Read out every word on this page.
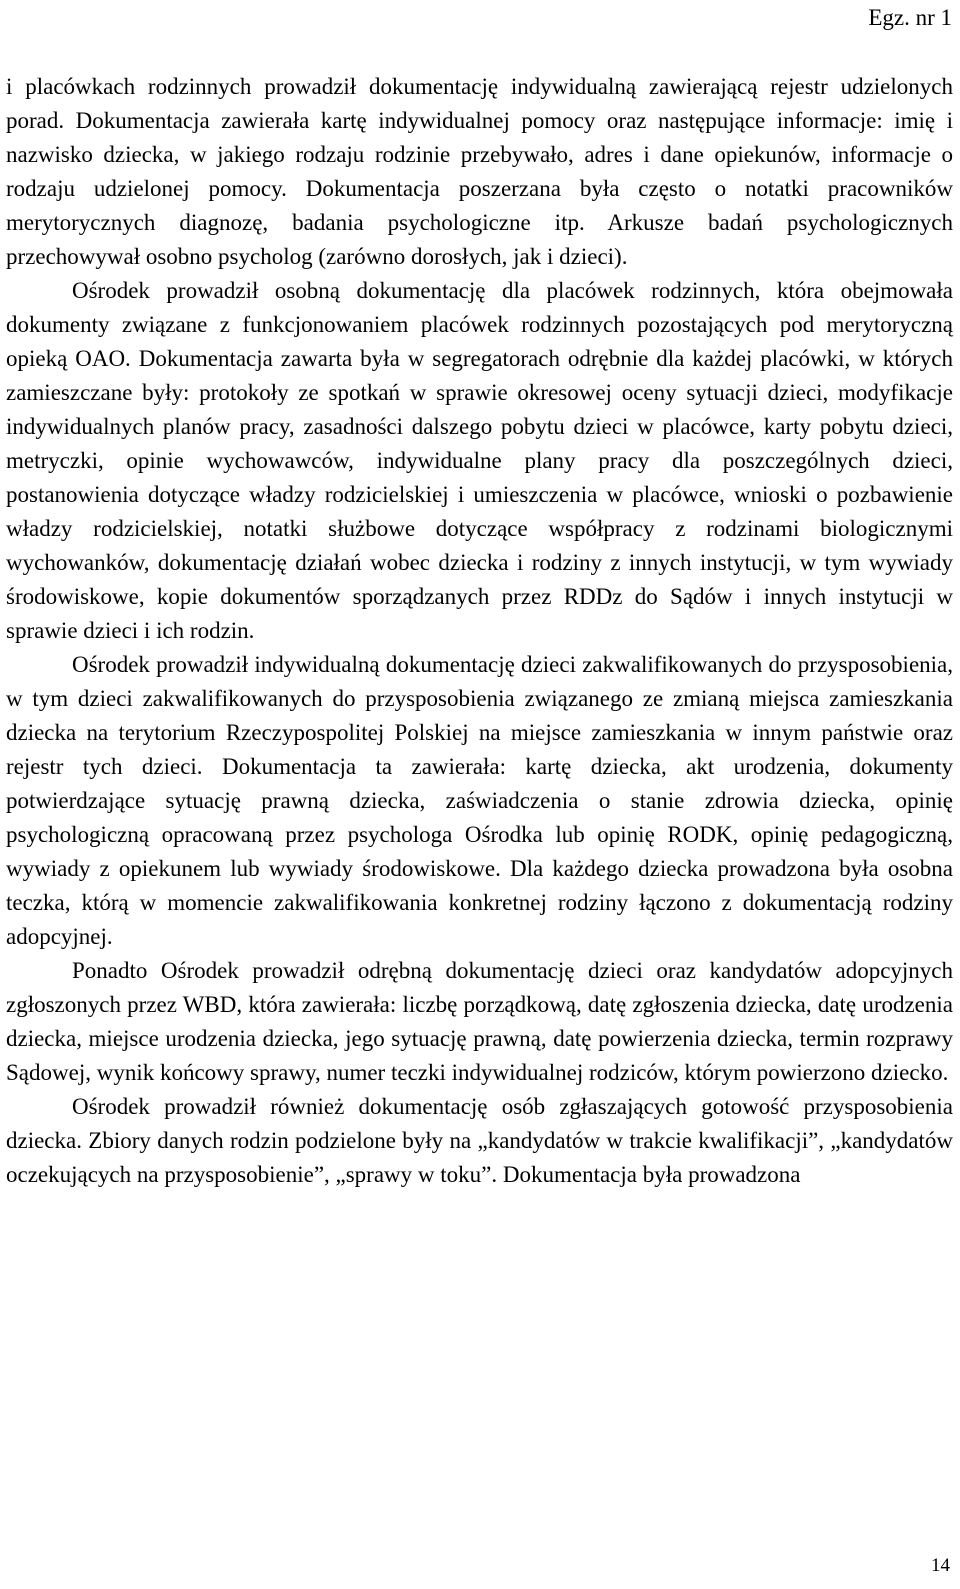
Egz. nr 1

i placówkach rodzinnych prowadził dokumentację indywidualną zawierającą rejestr udzielonych porad. Dokumentacja zawierała kartę indywidualnej pomocy oraz następujące informacje: imię i nazwisko dziecka, w jakiego rodzaju rodzinie przebywało, adres i dane opiekunów, informacje o rodzaju udzielonej pomocy. Dokumentacja poszerzana była często o notatki pracowników merytorycznych diagnozę, badania psychologiczne itp. Arkusze badań psychologicznych przechowywał osobno psycholog (zarówno dorosłych, jak i dzieci).

Ośrodek prowadził osobną dokumentację dla placówek rodzinnych, która obejmowała dokumenty związane z funkcjonowaniem placówek rodzinnych pozostających pod merytoryczną opieką OAO. Dokumentacja zawarta była w segregatorach odrębnie dla każdej placówki, w których zamieszczane były: protokoły ze spotkań w sprawie okresowej oceny sytuacji dzieci, modyfikacje indywidualnych planów pracy, zasadności dalszego pobytu dzieci w placówce, karty pobytu dzieci, metryczki, opinie wychowawców, indywidualne plany pracy dla poszczególnych dzieci, postanowienia dotyczące władzy rodzicielskiej i umieszczenia w placówce, wnioski o pozbawienie władzy rodzicielskiej, notatki służbowe dotyczące współpracy z rodzinami biologicznymi wychowanków, dokumentację działań wobec dziecka i rodziny z innych instytucji, w tym wywiady środowiskowe, kopie dokumentów sporządzanych przez RDDz do Sądów i innych instytucji w sprawie dzieci i ich rodzin.

Ośrodek prowadził indywidualną dokumentację dzieci zakwalifikowanych do przysposobienia, w tym dzieci zakwalifikowanych do przysposobienia związanego ze zmianą miejsca zamieszkania dziecka na terytorium Rzeczypospolitej Polskiej na miejsce zamieszkania w innym państwie oraz rejestr tych dzieci. Dokumentacja ta zawierała: kartę dziecka, akt urodzenia, dokumenty potwierdzające sytuację prawną dziecka, zaświadczenia o stanie zdrowia dziecka, opinię psychologiczną opracowaną przez psychologa Ośrodka lub opinię RODK, opinię pedagogiczną, wywiady z opiekunem lub wywiady środowiskowe. Dla każdego dziecka prowadzona była osobna teczka, którą w momencie zakwalifikowania konkretnej rodziny łączono z dokumentacją rodziny adopcyjnej.

Ponadto Ośrodek prowadził odrębną dokumentację dzieci oraz kandydatów adopcyjnych zgłoszonych przez WBD, która zawierała: liczbę porządkową, datę zgłoszenia dziecka, datę urodzenia dziecka, miejsce urodzenia dziecka, jego sytuację prawną, datę powierzenia dziecka, termin rozprawy Sądowej, wynik końcowy sprawy, numer teczki indywidualnej rodziców, którym powierzono dziecko.

Ośrodek prowadził również dokumentację osób zgłaszających gotowość przysposobienia dziecka. Zbiory danych rodzin podzielone były na „kandydatów w trakcie kwalifikacji”, „kandydatów oczekujących na przysposobienie”, „sprawy w toku”. Dokumentacja była prowadzona

14
